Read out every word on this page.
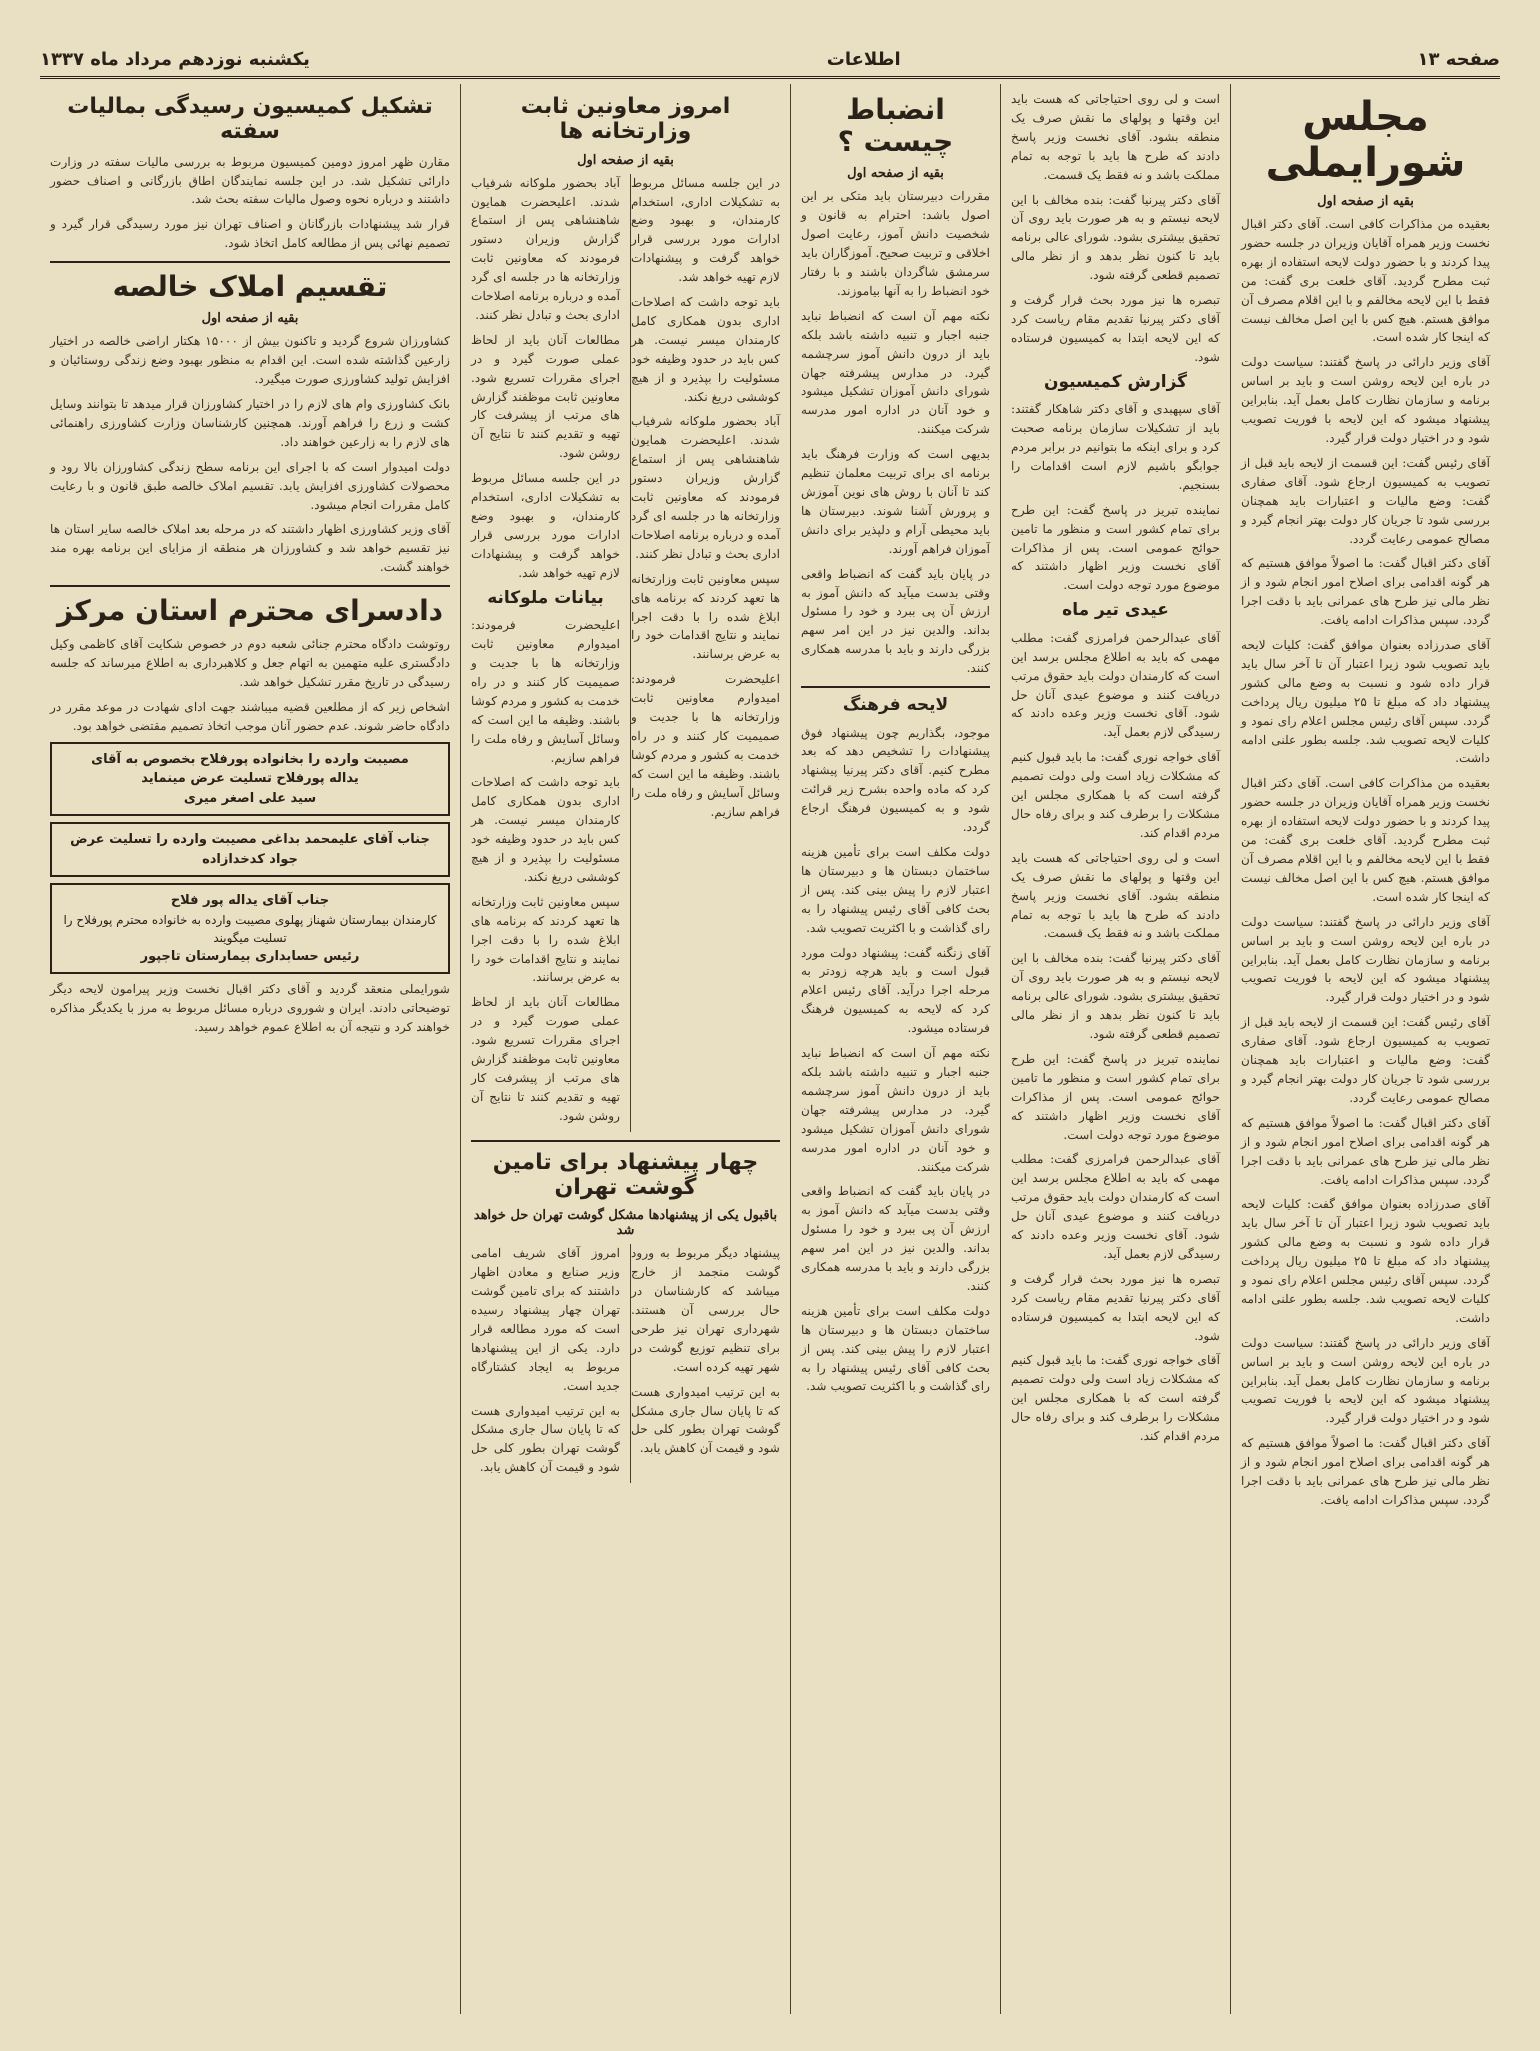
صفحه ۱۳
اطلاعات
یکشنبه نوزدهم مرداد ماه ۱۳۳۷
مجلس شورایملی
بقیه از صفحه اول

بعقیده من مذاکرات کافی است. آقای دکتر اقبال نخست وزیر همراه آقایان وزیران در جلسه حضور پیدا کردند و با حضور دولت لایحه استفاده از بهره ثبت مطرح گردید. آقای خلعت بری گفت: من فقط با این لایحه مخالفم و با این اقلام مصرف آن موافق هستم. هیچ کس با این اصل مخالف نیست که اینجا کار شده است.

آقای وزیر دارائی در پاسخ گفتند: سیاست دولت در باره این لایحه روشن است و باید بر اساس برنامه و سازمان نظارت کامل بعمل آید. بنابراین پیشنهاد میشود که این لایحه با فوریت تصویب شود و در اختیار دولت قرار گیرد.

آقای رئیس گفت: این قسمت از لایحه باید قبل از تصویب به کمیسیون ارجاع شود. آقای صفاری گفت: وضع مالیات و اعتبارات باید همچنان بررسی شود تا جریان کار دولت بهتر انجام گیرد و مصالح عمومی رعایت گردد.

آقای دکتر اقبال گفت: ما اصولاً موافق هستیم که هر گونه اقدامی برای اصلاح امور انجام شود و از نظر مالی نیز طرح های عمرانی باید با دقت اجرا گردد. سپس مذاکرات ادامه یافت.

آقای صدرزاده بعنوان موافق گفت: کلیات لایحه باید تصویب شود زیرا اعتبار آن تا آخر سال باید قرار داده شود و نسبت به وضع مالی کشور پیشنهاد داد که مبلغ تا ۲۵ میلیون ریال پرداخت گردد. سپس آقای رئیس مجلس اعلام رای نمود و کلیات لایحه تصویب شد. جلسه بطور علنی ادامه داشت.

بعقیده من مذاکرات کافی است. آقای دکتر اقبال نخست وزیر همراه آقایان وزیران در جلسه حضور پیدا کردند و با حضور دولت لایحه استفاده از بهره ثبت مطرح گردید. آقای خلعت بری گفت: من فقط با این لایحه مخالفم و با این اقلام مصرف آن موافق هستم. هیچ کس با این اصل مخالف نیست که اینجا کار شده است.

آقای وزیر دارائی در پاسخ گفتند: سیاست دولت در باره این لایحه روشن است و باید بر اساس برنامه و سازمان نظارت کامل بعمل آید. بنابراین پیشنهاد میشود که این لایحه با فوریت تصویب شود و در اختیار دولت قرار گیرد.

آقای رئیس گفت: این قسمت از لایحه باید قبل از تصویب به کمیسیون ارجاع شود. آقای صفاری گفت: وضع مالیات و اعتبارات باید همچنان بررسی شود تا جریان کار دولت بهتر انجام گیرد و مصالح عمومی رعایت گردد.

آقای دکتر اقبال گفت: ما اصولاً موافق هستیم که هر گونه اقدامی برای اصلاح امور انجام شود و از نظر مالی نیز طرح های عمرانی باید با دقت اجرا گردد. سپس مذاکرات ادامه یافت.

آقای صدرزاده بعنوان موافق گفت: کلیات لایحه باید تصویب شود زیرا اعتبار آن تا آخر سال باید قرار داده شود و نسبت به وضع مالی کشور پیشنهاد داد که مبلغ تا ۲۵ میلیون ریال پرداخت گردد. سپس آقای رئیس مجلس اعلام رای نمود و کلیات لایحه تصویب شد. جلسه بطور علنی ادامه داشت.

آقای وزیر دارائی در پاسخ گفتند: سیاست دولت در باره این لایحه روشن است و باید بر اساس برنامه و سازمان نظارت کامل بعمل آید. بنابراین پیشنهاد میشود که این لایحه با فوریت تصویب شود و در اختیار دولت قرار گیرد.

آقای دکتر اقبال گفت: ما اصولاً موافق هستیم که هر گونه اقدامی برای اصلاح امور انجام شود و از نظر مالی نیز طرح های عمرانی باید با دقت اجرا گردد. سپس مذاکرات ادامه یافت.

است و لی روی احتیاجاتی که هست باید این وقتها و پولهای ما نقش صرف یک منطقه بشود. آقای نخست وزیر پاسخ دادند که طرح ها باید با توجه به تمام مملکت باشد و نه فقط یک قسمت.

آقای دکتر پیرنیا گفت: بنده مخالف با این لایحه نیستم و به هر صورت باید روی آن تحقیق بیشتری بشود. شورای عالی برنامه باید تا کنون نظر بدهد و از نظر مالی تصمیم قطعی گرفته شود.

تبصره ها نیز مورد بحث قرار گرفت و آقای دکتر پیرنیا تقدیم مقام ریاست کرد که این لایحه ابتدا به کمیسیون فرستاده شود.

گزارش کمیسیون

آقای سپهبدی و آقای دکتر شاهکار گفتند: باید از تشکیلات سازمان برنامه صحبت کرد و برای اینکه ما بتوانیم در برابر مردم جوابگو باشیم لازم است اقدامات را بسنجیم.

نماینده تبریز در پاسخ گفت: این طرح برای تمام کشور است و منظور ما تامین حوائج عمومی است. پس از مذاکرات آقای نخست وزیر اظهار داشتند که موضوع مورد توجه دولت است.

عیدی تیر ماه

آقای عبدالرحمن فرامرزی گفت: مطلب مهمی که باید به اطلاع مجلس برسد این است که کارمندان دولت باید حقوق مرتب دریافت کنند و موضوع عیدی آنان حل شود. آقای نخست وزیر وعده دادند که رسیدگی لازم بعمل آید.

آقای خواجه نوری گفت: ما باید قبول کنیم که مشکلات زیاد است ولی دولت تصمیم گرفته است که با همکاری مجلس این مشکلات را برطرف کند و برای رفاه حال مردم اقدام کند.

است و لی روی احتیاجاتی که هست باید این وقتها و پولهای ما نقش صرف یک منطقه بشود. آقای نخست وزیر پاسخ دادند که طرح ها باید با توجه به تمام مملکت باشد و نه فقط یک قسمت.

آقای دکتر پیرنیا گفت: بنده مخالف با این لایحه نیستم و به هر صورت باید روی آن تحقیق بیشتری بشود. شورای عالی برنامه باید تا کنون نظر بدهد و از نظر مالی تصمیم قطعی گرفته شود.

نماینده تبریز در پاسخ گفت: این طرح برای تمام کشور است و منظور ما تامین حوائج عمومی است. پس از مذاکرات آقای نخست وزیر اظهار داشتند که موضوع مورد توجه دولت است.

آقای عبدالرحمن فرامرزی گفت: مطلب مهمی که باید به اطلاع مجلس برسد این است که کارمندان دولت باید حقوق مرتب دریافت کنند و موضوع عیدی آنان حل شود. آقای نخست وزیر وعده دادند که رسیدگی لازم بعمل آید.

تبصره ها نیز مورد بحث قرار گرفت و آقای دکتر پیرنیا تقدیم مقام ریاست کرد که این لایحه ابتدا به کمیسیون فرستاده شود.

آقای خواجه نوری گفت: ما باید قبول کنیم که مشکلات زیاد است ولی دولت تصمیم گرفته است که با همکاری مجلس این مشکلات را برطرف کند و برای رفاه حال مردم اقدام کند.

انضباط چیست ؟
بقیه از صفحه اول

مقررات دبیرستان باید متکی بر این اصول باشد: احترام به قانون و شخصیت دانش آموز، رعایت اصول اخلاقی و تربیت صحیح. آموزگاران باید سرمشق شاگردان باشند و با رفتار خود انضباط را به آنها بیاموزند.

نکته مهم آن است که انضباط نباید جنبه اجبار و تنبیه داشته باشد بلکه باید از درون دانش آموز سرچشمه گیرد. در مدارس پیشرفته جهان شورای دانش آموزان تشکیل میشود و خود آنان در اداره امور مدرسه شرکت میکنند.

بدیهی است که وزارت فرهنگ باید برنامه ای برای تربیت معلمان تنظیم کند تا آنان با روش های نوین آموزش و پرورش آشنا شوند. دبیرستان ها باید محیطی آرام و دلپذیر برای دانش آموزان فراهم آورند.

در پایان باید گفت که انضباط واقعی وقتی بدست میآید که دانش آموز به ارزش آن پی ببرد و خود را مسئول بداند. والدین نیز در این امر سهم بزرگی دارند و باید با مدرسه همکاری کنند.

لایحه فرهنگ

موجود، بگذاریم چون پیشنهاد فوق پیشنهادات را تشخیص دهد که بعد مطرح کنیم. آقای دکتر پیرنیا پیشنهاد کرد که ماده واحده بشرح زیر قرائت شود و به کمیسیون فرهنگ ارجاع گردد.

دولت مکلف است برای تأمین هزینه ساختمان دبستان ها و دبیرستان ها اعتبار لازم را پیش بینی کند. پس از بحث کافی آقای رئیس پیشنهاد را به رای گذاشت و با اکثریت تصویب شد.

آقای زنگنه گفت: پیشنهاد دولت مورد قبول است و باید هرچه زودتر به مرحله اجرا درآید. آقای رئیس اعلام کرد که لایحه به کمیسیون فرهنگ فرستاده میشود.

نکته مهم آن است که انضباط نباید جنبه اجبار و تنبیه داشته باشد بلکه باید از درون دانش آموز سرچشمه گیرد. در مدارس پیشرفته جهان شورای دانش آموزان تشکیل میشود و خود آنان در اداره امور مدرسه شرکت میکنند.

در پایان باید گفت که انضباط واقعی وقتی بدست میآید که دانش آموز به ارزش آن پی ببرد و خود را مسئول بداند. والدین نیز در این امر سهم بزرگی دارند و باید با مدرسه همکاری کنند.

دولت مکلف است برای تأمین هزینه ساختمان دبستان ها و دبیرستان ها اعتبار لازم را پیش بینی کند. پس از بحث کافی آقای رئیس پیشنهاد را به رای گذاشت و با اکثریت تصویب شد.

امروز معاونین ثابت وزارتخانه ها
بقیه از صفحه اول

آباد بحضور ملوکانه شرفیاب شدند. اعلیحضرت همایون شاهنشاهی پس از استماع گزارش وزیران دستور فرمودند که معاونین ثابت وزارتخانه ها در جلسه ای گرد آمده و درباره برنامه اصلاحات اداری بحث و تبادل نظر کنند.

مطالعات آنان باید از لحاظ عملی صورت گیرد و در اجرای مقررات تسریع شود. معاونین ثابت موظفند گزارش های مرتب از پیشرفت کار تهیه و تقدیم کنند تا نتایج آن روشن شود.

در این جلسه مسائل مربوط به تشکیلات اداری، استخدام کارمندان، و بهبود وضع ادارات مورد بررسی قرار خواهد گرفت و پیشنهادات لازم تهیه خواهد شد.

بیانات ملوکانه

اعلیحضرت فرمودند: امیدوارم معاونین ثابت وزارتخانه ها با جدیت و صمیمیت کار کنند و در راه خدمت به کشور و مردم کوشا باشند. وظیفه ما این است که وسائل آسایش و رفاه ملت را فراهم سازیم.

باید توجه داشت که اصلاحات اداری بدون همکاری کامل کارمندان میسر نیست. هر کس باید در حدود وظیفه خود مسئولیت را بپذیرد و از هیچ کوششی دریغ نکند.

سپس معاونین ثابت وزارتخانه ها تعهد کردند که برنامه های ابلاغ شده را با دقت اجرا نمایند و نتایج اقدامات خود را به عرض برسانند.

مطالعات آنان باید از لحاظ عملی صورت گیرد و در اجرای مقررات تسریع شود. معاونین ثابت موظفند گزارش های مرتب از پیشرفت کار تهیه و تقدیم کنند تا نتایج آن روشن شود.

در این جلسه مسائل مربوط به تشکیلات اداری، استخدام کارمندان، و بهبود وضع ادارات مورد بررسی قرار خواهد گرفت و پیشنهادات لازم تهیه خواهد شد.

باید توجه داشت که اصلاحات اداری بدون همکاری کامل کارمندان میسر نیست. هر کس باید در حدود وظیفه خود مسئولیت را بپذیرد و از هیچ کوششی دریغ نکند.

آباد بحضور ملوکانه شرفیاب شدند. اعلیحضرت همایون شاهنشاهی پس از استماع گزارش وزیران دستور فرمودند که معاونین ثابت وزارتخانه ها در جلسه ای گرد آمده و درباره برنامه اصلاحات اداری بحث و تبادل نظر کنند.

سپس معاونین ثابت وزارتخانه ها تعهد کردند که برنامه های ابلاغ شده را با دقت اجرا نمایند و نتایج اقدامات خود را به عرض برسانند.

اعلیحضرت فرمودند: امیدوارم معاونین ثابت وزارتخانه ها با جدیت و صمیمیت کار کنند و در راه خدمت به کشور و مردم کوشا باشند. وظیفه ما این است که وسائل آسایش و رفاه ملت را فراهم سازیم.

چهار پیشنهاد برای تامین گوشت تهران
باقبول یکی از پیشنهادها مشکل گوشت تهران حل خواهد شد

امروز آقای شریف امامی وزیر صنایع و معادن اظهار داشتند که برای تامین گوشت تهران چهار پیشنهاد رسیده است که مورد مطالعه قرار دارد. یکی از این پیشنهادها مربوط به ایجاد کشتارگاه جدید است.

به این ترتیب امیدواری هست که تا پایان سال جاری مشکل گوشت تهران بطور کلی حل شود و قیمت آن کاهش یابد.

پیشنهاد دیگر مربوط به ورود گوشت منجمد از خارج میباشد که کارشناسان در حال بررسی آن هستند. شهرداری تهران نیز طرحی برای تنظیم توزیع گوشت در شهر تهیه کرده است.

به این ترتیب امیدواری هست که تا پایان سال جاری مشکل گوشت تهران بطور کلی حل شود و قیمت آن کاهش یابد.

تشکیل کمیسیون رسیدگی بمالیات سفته

مقارن ظهر امروز دومین کمیسیون مربوط به بررسی مالیات سفته در وزارت دارائی تشکیل شد. در این جلسه نمایندگان اطاق بازرگانی و اصناف حضور داشتند و درباره نحوه وصول مالیات سفته بحث شد.

قرار شد پیشنهادات بازرگانان و اصناف تهران نیز مورد رسیدگی قرار گیرد و تصمیم نهائی پس از مطالعه کامل اتخاذ شود.

تقسیم املاک خالصه
بقیه از صفحه اول

کشاورزان شروع گردید و تاکنون بیش از ۱۵۰۰۰ هکتار اراضی خالصه در اختیار زارعین گذاشته شده است. این اقدام به منظور بهبود وضع زندگی روستائیان و افزایش تولید کشاورزی صورت میگیرد.

بانک کشاورزی وام های لازم را در اختیار کشاورزان قرار میدهد تا بتوانند وسایل کشت و زرع را فراهم آورند. همچنین کارشناسان وزارت کشاورزی راهنمائی های لازم را به زارعین خواهند داد.

دولت امیدوار است که با اجرای این برنامه سطح زندگی کشاورزان بالا رود و محصولات کشاورزی افزایش یابد. تقسیم املاک خالصه طبق قانون و با رعایت کامل مقررات انجام میشود.

آقای وزیر کشاورزی اظهار داشتند که در مرحله بعد املاک خالصه سایر استان ها نیز تقسیم خواهد شد و کشاورزان هر منطقه از مزایای این برنامه بهره مند خواهند گشت.

دادسرای محترم استان مرکز

روتوشت دادگاه محترم جنائی شعبه دوم در خصوص شکایت آقای کاظمی وکیل دادگستری علیه متهمین به اتهام جعل و کلاهبرداری به اطلاع میرساند که جلسه رسیدگی در تاریخ مقرر تشکیل خواهد شد.

اشخاص زیر که از مطلعین قضیه میباشند جهت ادای شهادت در موعد مقرر در دادگاه حاضر شوند. عدم حضور آنان موجب اتخاذ تصمیم مقتضی خواهد بود.

مصیبت وارده را بخانواده پورفلاح بخصوص به آقای
یداله پورفلاح تسلیت عرض مینماید
سید علی اصغر میری
جناب آقای علیمحمد بداغی مصیبت وارده را تسلیت عرض
جواد کدخدازاده
جناب آقای یداله پور فلاح
کارمندان بیمارستان شهناز پهلوی مصیبت وارده به خانواده محترم پورفلاح را تسلیت میگویند
رئیس حسابداری بیمارستان تاجپور

شورایملی منعقد گردید و آقای دکتر اقبال نخست وزیر پیرامون لایحه دیگر توضیحاتی دادند. ایران و شوروی درباره مسائل مربوط به مرز با یکدیگر مذاکره خواهند کرد و نتیجه آن به اطلاع عموم خواهد رسید.
